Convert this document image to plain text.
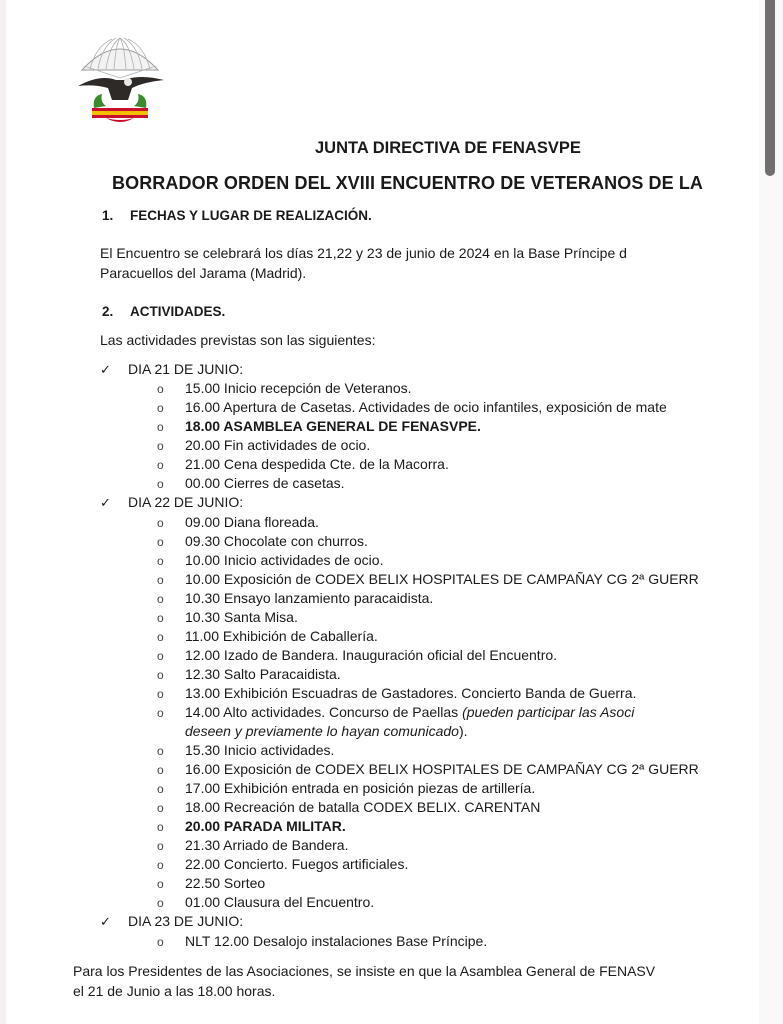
JUNTA DIRECTIVA DE FENASVPE
BORRADOR ORDEN DEL XVIII ENCUENTRO DE VETERANOS DE LA
1. FECHAS Y LUGAR DE REALIZACIÓN.
El Encuentro se celebrará los días 21,22 y 23 de junio de 2024 en la Base Príncipe d
Paracuellos del Jarama (Madrid).
2. ACTIVIDADES.
Las actividades previstas son las siguientes:
✓ DIA 21 DE JUNIO:
o 15.00 Inicio recepción de Veteranos.
o 16.00 Apertura de Casetas. Actividades de ocio infantiles, exposición de mate
o 18.00 ASAMBLEA GENERAL DE FENASVPE.
o 20.00 Fin actividades de ocio.
o 21.00 Cena despedida Cte. de la Macorra.
o 00.00 Cierres de casetas.
✓ DIA 22 DE JUNIO:
o 09.00 Diana floreada.
o 09.30 Chocolate con churros.
o 10.00 Inicio actividades de ocio.
o 10.00 Exposición de CODEX BELIX HOSPITALES DE CAMPAÑAY CG 2ª GUERR
o 10.30 Ensayo lanzamiento paracaidista.
o 10.30 Santa Misa.
o 11.00 Exhibición de Caballería.
o 12.00 Izado de Bandera. Inauguración oficial del Encuentro.
o 12.30 Salto Paracaidista.
o 13.00 Exhibición Escuadras de Gastadores. Concierto Banda de Guerra.
o 14.00 Alto actividades. Concurso de Paellas (pueden participar las Asoci
deseen y previamente lo hayan comunicado).
o 15.30 Inicio actividades.
o 16.00 Exposición de CODEX BELIX HOSPITALES DE CAMPAÑAY CG 2ª GUERR
o 17.00 Exhibición entrada en posición piezas de artillería.
o 18.00 Recreación de batalla CODEX BELIX. CARENTAN
o 20.00 PARADA MILITAR.
o 21.30 Arriado de Bandera.
o 22.00 Concierto. Fuegos artificiales.
o 22.50 Sorteo
o 01.00 Clausura del Encuentro.
✓ DIA 23 DE JUNIO:
o NLT 12.00 Desalojo instalaciones Base Príncipe.
Para los Presidentes de las Asociaciones, se insiste en que la Asamblea General de FENASV
el 21 de Junio a las 18.00 horas.
